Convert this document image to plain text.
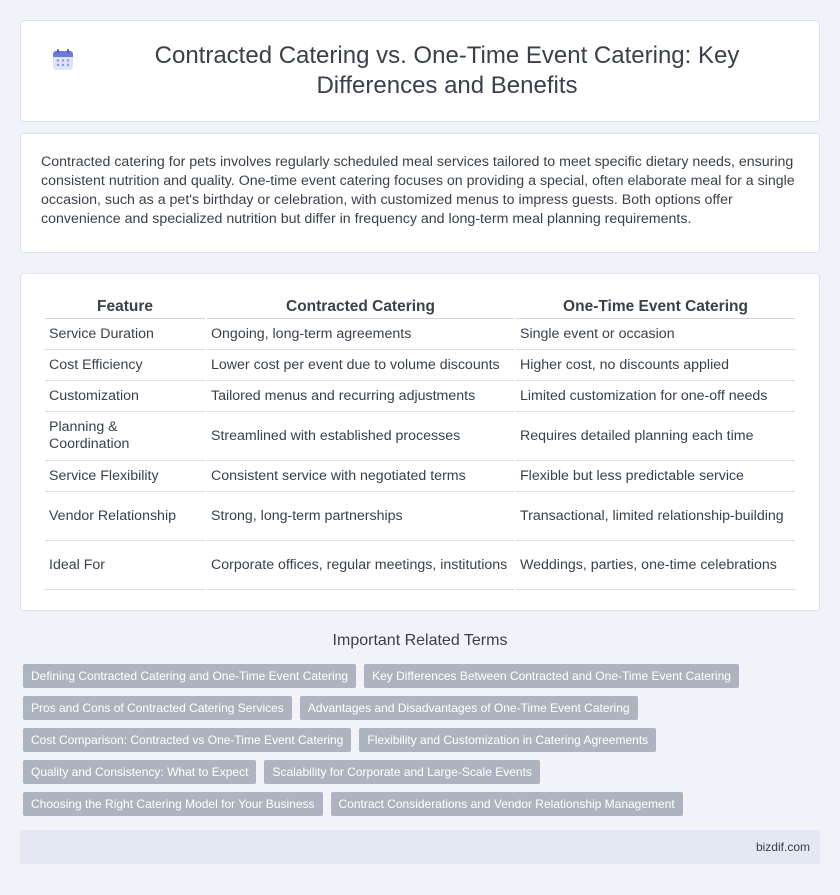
Contracted Catering vs. One-Time Event Catering: Key Differences and Benefits

Contracted catering for pets involves regularly scheduled meal services tailored to meet specific dietary needs, ensuring consistent nutrition and quality. One-time event catering focuses on providing a special, often elaborate meal for a single occasion, such as a pet's birthday or celebration, with customized menus to impress guests. Both options offer convenience and specialized nutrition but differ in frequency and long-term meal planning requirements.

Feature	Contracted Catering	One-Time Event Catering
Service Duration	Ongoing, long-term agreements	Single event or occasion
Cost Efficiency	Lower cost per event due to volume discounts	Higher cost, no discounts applied
Customization	Tailored menus and recurring adjustments	Limited customization for one-off needs
Planning & Coordination	Streamlined with established processes	Requires detailed planning each time
Service Flexibility	Consistent service with negotiated terms	Flexible but less predictable service
Vendor Relationship	Strong, long-term partnerships	Transactional, limited relationship-building
Ideal For	Corporate offices, regular meetings, institutions	Weddings, parties, one-time celebrations
Important Related Terms
Defining Contracted Catering and One-Time Event Catering	Key Differences Between Contracted and One-Time Event Catering
Pros and Cons of Contracted Catering Services	Advantages and Disadvantages of One-Time Event Catering
Cost Comparison: Contracted vs One-Time Event Catering	Flexibility and Customization in Catering Agreements
Quality and Consistency: What to Expect	Scalability for Corporate and Large-Scale Events
Choosing the Right Catering Model for Your Business	Contract Considerations and Vendor Relationship Management
bizdif.com
